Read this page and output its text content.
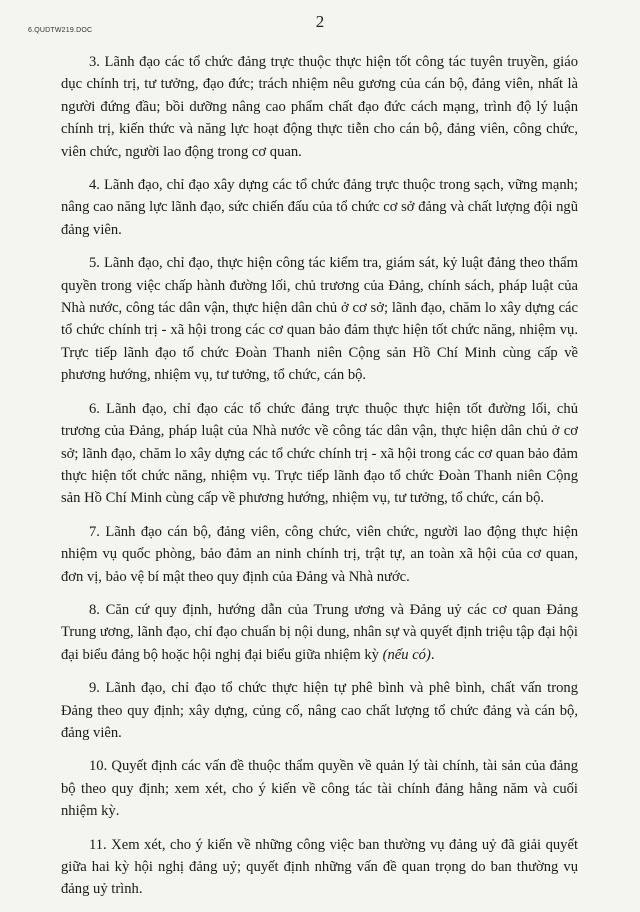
6.QUDTW219.DOC	2

3. Lãnh đạo các tổ chức đảng trực thuộc thực hiện tốt công tác tuyên truyền, giáo dục chính trị, tư tưởng, đạo đức; trách nhiệm nêu gương của cán bộ, đảng viên, nhất là người đứng đầu; bồi dưỡng nâng cao phẩm chất đạo đức cách mạng, trình độ lý luận chính trị, kiến thức và năng lực hoạt động thực tiễn cho cán bộ, đảng viên, công chức, viên chức, người lao động trong cơ quan.

4. Lãnh đạo, chỉ đạo xây dựng các tổ chức đảng trực thuộc trong sạch, vững mạnh; nâng cao năng lực lãnh đạo, sức chiến đấu của tổ chức cơ sở đảng và chất lượng đội ngũ đảng viên.

5. Lãnh đạo, chỉ đạo, thực hiện công tác kiểm tra, giám sát, kỷ luật đảng theo thẩm quyền trong việc chấp hành đường lối, chủ trương của Đảng, chính sách, pháp luật của Nhà nước, công tác dân vận, thực hiện dân chủ ở cơ sở; lãnh đạo, chăm lo xây dựng các tổ chức chính trị - xã hội trong các cơ quan bảo đảm thực hiện tốt chức năng, nhiệm vụ. Trực tiếp lãnh đạo tổ chức Đoàn Thanh niên Cộng sản Hồ Chí Minh cùng cấp về phương hướng, nhiệm vụ, tư tưởng, tổ chức, cán bộ.

6. Lãnh đạo, chỉ đạo các tổ chức đảng trực thuộc thực hiện tốt đường lối, chủ trương của Đảng, pháp luật của Nhà nước về công tác dân vận, thực hiện dân chủ ở cơ sở; lãnh đạo, chăm lo xây dựng các tổ chức chính trị - xã hội trong các cơ quan bảo đảm thực hiện tốt chức năng, nhiệm vụ. Trực tiếp lãnh đạo tổ chức Đoàn Thanh niên Cộng sản Hồ Chí Minh cùng cấp về phương hướng, nhiệm vụ, tư tưởng, tổ chức, cán bộ.

7. Lãnh đạo cán bộ, đảng viên, công chức, viên chức, người lao động thực hiện nhiệm vụ quốc phòng, bảo đảm an ninh chính trị, trật tự, an toàn xã hội của cơ quan, đơn vị, bảo vệ bí mật theo quy định của Đảng và Nhà nước.

8. Căn cứ quy định, hướng dẫn của Trung ương và Đảng uỷ các cơ quan Đảng Trung ương, lãnh đạo, chỉ đạo chuẩn bị nội dung, nhân sự và quyết định triệu tập đại hội đại biểu đảng bộ hoặc hội nghị đại biểu giữa nhiệm kỳ (nếu có).

9. Lãnh đạo, chỉ đạo tổ chức thực hiện tự phê bình và phê bình, chất vấn trong Đảng theo quy định; xây dựng, củng cố, nâng cao chất lượng tổ chức đảng và cán bộ, đảng viên.

10. Quyết định các vấn đề thuộc thẩm quyền về quản lý tài chính, tài sản của đảng bộ theo quy định; xem xét, cho ý kiến về công tác tài chính đảng hằng năm và cuối nhiệm kỳ.

11. Xem xét, cho ý kiến về những công việc ban thường vụ đảng uỷ đã giải quyết giữa hai kỳ hội nghị đảng uỷ; quyết định những vấn đề quan trọng do ban thường vụ đảng uỷ trình.
